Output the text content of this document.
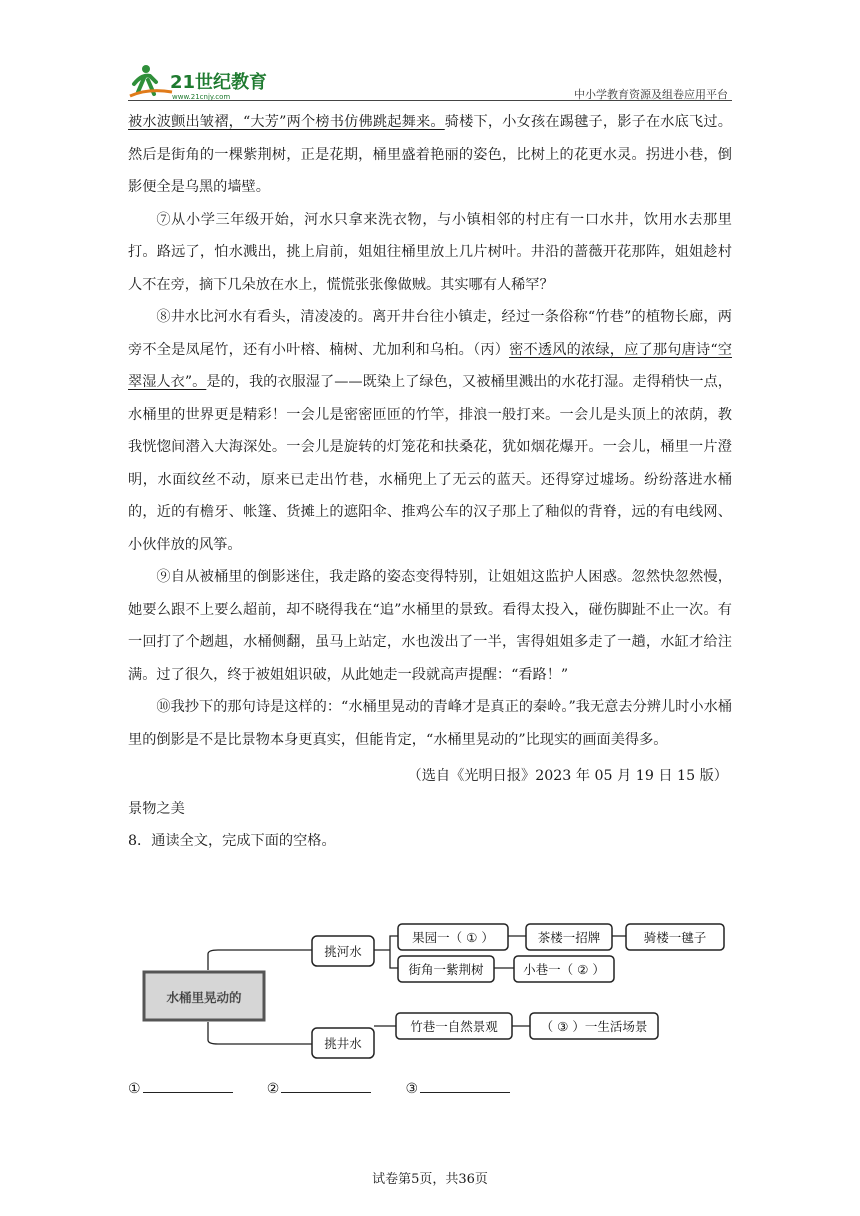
21世纪教育
www.21cnjy.com	中小学教育资源及组卷应用平台

被水波颤出皱褶，“大芳”两个榜书仿佛跳起舞来。骑楼下，小女孩在踢毽子，影子在水底飞过。然后是街角的一棵紫荆树，正是花期，桶里盛着艳丽的姿色，比树上的花更水灵。拐进小巷，倒影便全是乌黑的墙壁。

⑦从小学三年级开始，河水只拿来洗衣物，与小镇相邻的村庄有一口水井，饮用水去那里打。路远了，怕水溅出，挑上肩前，姐姐往桶里放上几片树叶。井沿的蔷薇开花那阵，姐姐趁村人不在旁，摘下几朵放在水上，慌慌张张像做贼。其实哪有人稀罕？

⑧井水比河水有看头，清凌凌的。离开井台往小镇走，经过一条俗称“竹巷”的植物长廊，两旁不全是凤尾竹，还有小叶榕、楠树、尤加利和乌桕。（丙）密不透风的浓绿，应了那句唐诗“空翠湿人衣”。是的，我的衣服湿了——既染上了绿色，又被桶里溅出的水花打湿。走得稍快一点，水桶里的世界更是精彩！一会儿是密密匝匝的竹竿，排浪一般打来。一会儿是头顶上的浓荫，教我恍惚间潜入大海深处。一会儿是旋转的灯笼花和扶桑花，犹如烟花爆开。一会儿，桶里一片澄明，水面纹丝不动，原来已走出竹巷，水桶兜上了无云的蓝天。还得穿过墟场。纷纷落进水桶的，近的有檐牙、帐篷、货摊上的遮阳伞、推鸡公车的汉子那上了釉似的背脊，远的有电线网、小伙伴放的风筝。

⑨自从被桶里的倒影迷住，我走路的姿态变得特别，让姐姐这监护人困惑。忽然快忽然慢，她要么跟不上要么超前，却不晓得我在“追”水桶里的景致。看得太投入，碰伤脚趾不止一次。有一回打了个趔趄，水桶侧翻，虽马上站定，水也泼出了一半，害得姐姐多走了一趟，水缸才给注满。过了很久，终于被姐姐识破，从此她走一段就高声提醒：“看路！”

⑩我抄下的那句诗是这样的：“水桶里晃动的青峰才是真正的秦岭。”我无意去分辨儿时小水桶里的倒影是不是比景物本身更真实，但能肯定，“水桶里晃动的”比现实的画面美得多。

（选自《光明日报》2023 年 05 月 19 日 15 版）

景物之美

8．通读全文，完成下面的空格。

水桶里晃动的
挑河水
果园一（ ① ）	茶楼一招牌	骑楼一毽子
街角一紫荆树	小巷一（ ② ）
挑井水
竹巷一自然景观	（ ③ ）一生活场景
①	②	③
试卷第5页，共36页
